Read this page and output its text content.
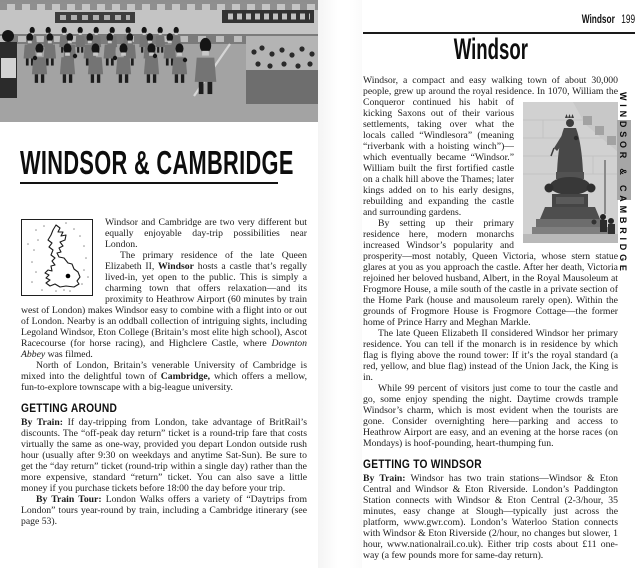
WINDSOR & CAMBRIDGE

Windsor and Cambridge are two very different but equally enjoyable day-trip possibilities near London.

The primary residence of the late Queen Elizabeth II, Windsor hosts a castle that’s regally lived-in, yet open to the public. This is simply a charming town that offers relaxation—and its proximity to Heathrow Airport (60 minutes by train west of London) makes Windsor easy to combine with a flight into or out of London. Nearby is an oddball collection of intriguing sights, including Legoland Windsor, Eton College (Britain’s most elite high school), Ascot Racecourse (for horse racing), and Highclere Castle, where Downton Abbey was filmed.

North of London, Britain’s venerable University of Cambridge is mixed into the delightful town of Cambridge, which offers a mellow, fun-to-explore townscape with a big-league university.

GETTING AROUND

By Train: If day-tripping from London, take advantage of BritRail’s discounts. The “off-peak day return” ticket is a round-trip fare that costs virtually the same as one-way, provided you depart London outside rush hour (usually after 9:30 on weekdays and anytime Sat-Sun). Be sure to get the “day return” ticket (round-trip within a single day) rather than the more expensive, standard “return” ticket. You can also save a little money if you purchase tickets before 18:00 the day before your trip.

By Train Tour: London Walks offers a variety of “Daytrips from London” tours year-round by train, including a Cambridge itinerary (see page 53).

Windsor 199
Windsor

Windsor, a compact and easy walking town of about 30,000 people, grew up around the royal residence. In 1070, William the Conqueror continued his habit of kicking Saxons out of their various settlements, taking over what the locals called “Windlesora” (meaning “riverbank with a hoisting winch”)—which eventually became “Windsor.” William built the first fortified castle on a chalk hill above the Thames; later kings added on to his early designs, rebuilding and expanding the castle and surrounding gardens.

By setting up their primary residence here, modern monarchs increased Windsor’s popularity and prosperity—most notably, Queen Victoria, whose stern statue glares at you as you approach the castle. After her death, Victoria rejoined her beloved husband, Albert, in the Royal Mausoleum at Frogmore House, a mile south of the castle in a private section of the Home Park (house and mausoleum rarely open). Within the grounds of Frogmore House is Frogmore Cottage—the former home of Prince Harry and Meghan Markle.

The late Queen Elizabeth II considered Windsor her primary residence. You can tell if the monarch is in residence by which flag is flying above the round tower: If it’s the royal standard (a red, yellow, and blue flag) instead of the Union Jack, the King is in.

While 99 percent of visitors just come to tour the castle and go, some enjoy spending the night. Daytime crowds trample Windsor’s charm, which is most evident when the tourists are gone. Consider overnighting here—parking and access to Heathrow Airport are easy, and an evening at the horse races (on Mondays) is hoof-pounding, heart-thumping fun.

GETTING TO WINDSOR

By Train: Windsor has two train stations—Windsor & Eton Central and Windsor & Eton Riverside. London’s Paddington Station connects with Windsor & Eton Central (2-3/hour, 35 minutes, easy change at Slough—typically just across the platform, www.gwr.com). London’s Waterloo Station connects with Windsor & Eton Riverside (2/hour, no changes but slower, 1 hour, www.nationalrail.co.uk). Either trip costs about £11 one-way (a few pounds more for same-day return).

WINDSOR & CAMBRIDGE
